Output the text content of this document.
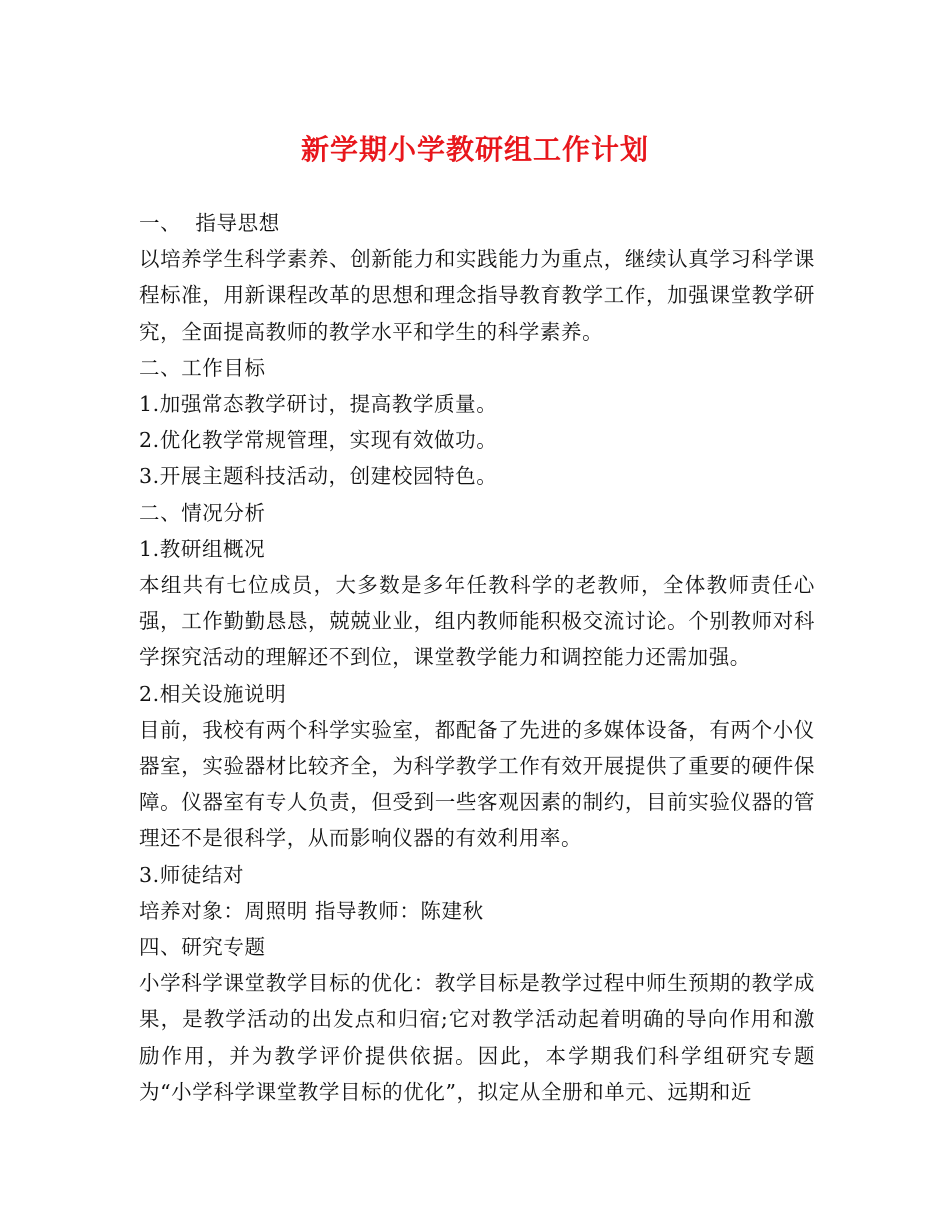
新学期小学教研组工作计划

一、  指导思想

以培养学生科学素养、创新能力和实践能力为重点，继续认真学习科学课程标准，用新课程改革的思想和理念指导教育教学工作，加强课堂教学研究，全面提高教师的教学水平和学生的科学素养。

二、工作目标

1.加强常态教学研讨，提高教学质量。

2.优化教学常规管理，实现有效做功。

3.开展主题科技活动，创建校园特色。

二、情况分析

1.教研组概况

本组共有七位成员，大多数是多年任教科学的老教师，全体教师责任心强，工作勤勤恳恳，兢兢业业，组内教师能积极交流讨论。个别教师对科学探究活动的理解还不到位，课堂教学能力和调控能力还需加强。

2.相关设施说明

目前，我校有两个科学实验室，都配备了先进的多媒体设备，有两个小仪器室，实验器材比较齐全，为科学教学工作有效开展提供了重要的硬件保障。仪器室有专人负责，但受到一些客观因素的制约，目前实验仪器的管理还不是很科学，从而影响仪器的有效利用率。

3.师徒结对

培养对象：周照明 指导教师：陈建秋

四、研究专题

小学科学课堂教学目标的优化：教学目标是教学过程中师生预期的教学成果，是教学活动的出发点和归宿;它对教学活动起着明确的导向作用和激励作用，并为教学评价提供依据。因此，本学期我们科学组研究专题为“小学科学课堂教学目标的优化”，拟定从全册和单元、远期和近
